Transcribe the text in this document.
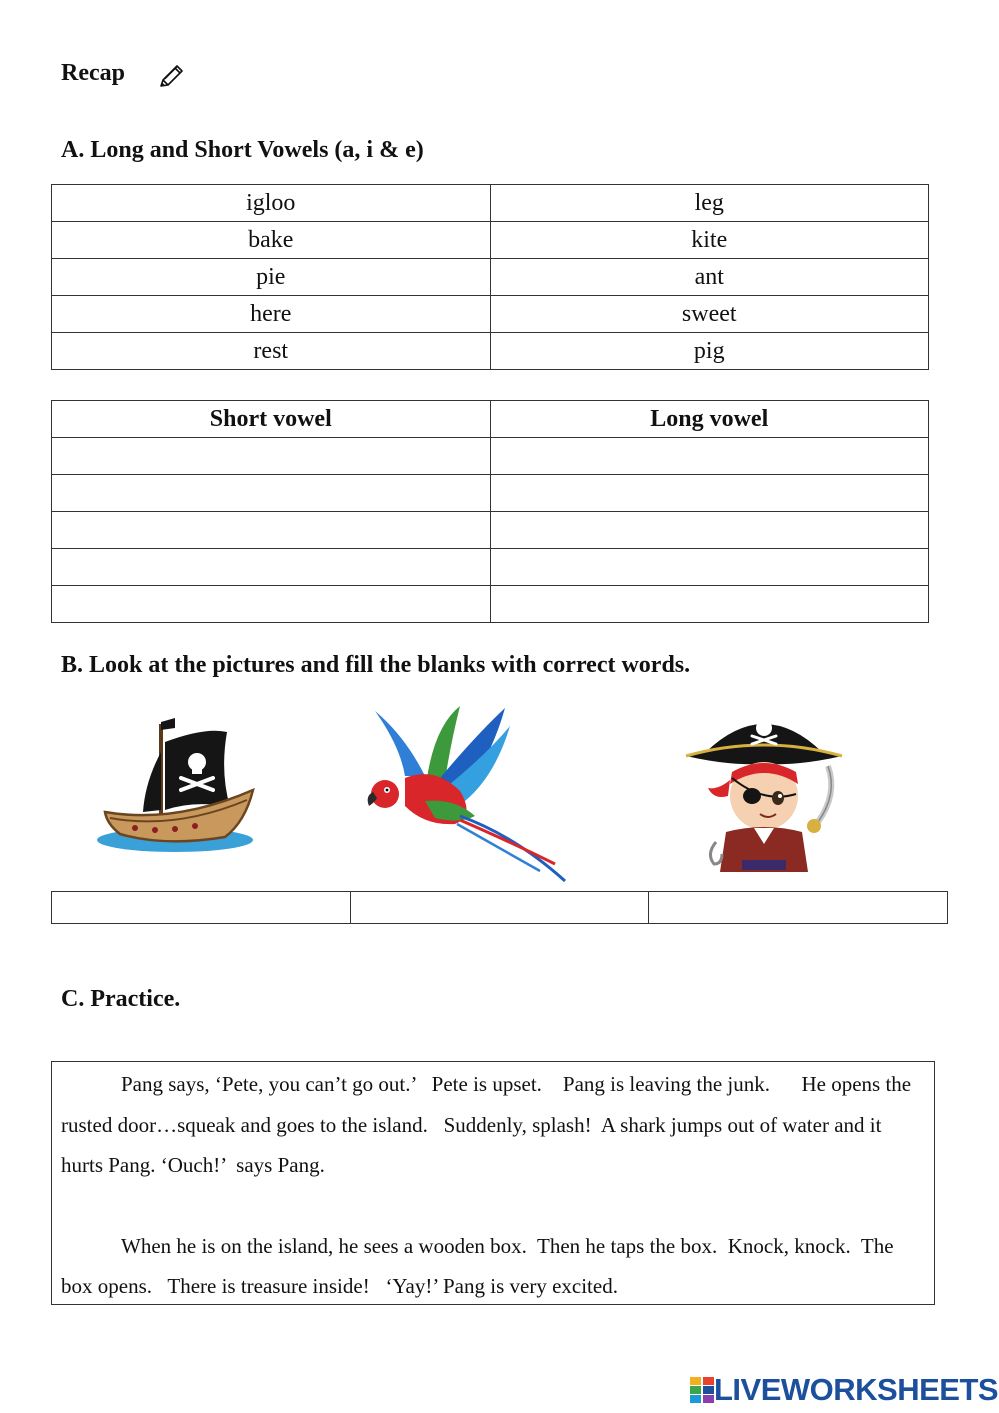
Recap
A. Long and Short Vowels (a, i & e)
igloo	leg
bake	kite
pie	ant
here	sweet
rest	pig
Short vowel	Long vowel

B. Look at the pictures and fill the blanks with correct words.

C. Practice.

Pang says, ‘Pete, you can’t go out.’   Pete is upset.    Pang is leaving the junk.      He opens the rusted door…squeak and goes to the island.   Suddenly, splash!  A shark jumps out of water and it hurts Pang. ‘Ouch!’  says Pang.

When he is on the island, he sees a wooden box.  Then he taps the box.  Knock, knock.  The box opens.   There is treasure inside!   ‘Yay!’ Pang is very excited.

LIVEWORKSHEETS
